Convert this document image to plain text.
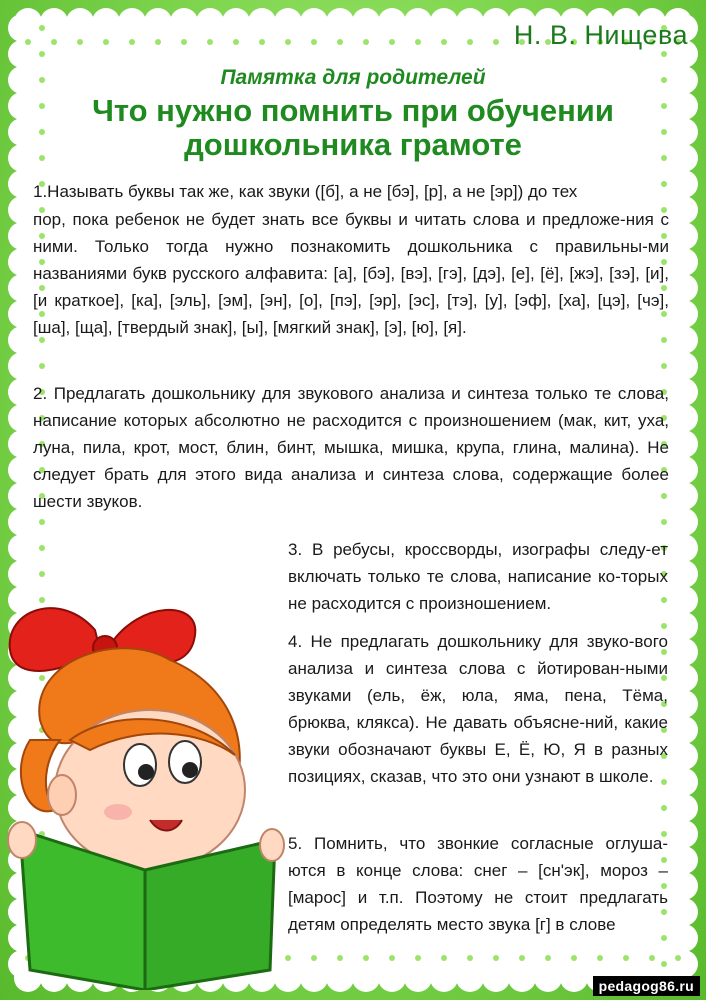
Н. В. Нищева
Памятка для родителей
Что нужно помнить при обучении дошкольника грамоте
1.Называть буквы так же, как звуки ([б], а не [бэ], [р], а не [эр]) до тех
пор, пока ребенок не будет знать все буквы и читать слова и предложе-ния с ними. Только тогда нужно познакомить дошкольника с правильны-ми названиями букв русского алфавита: [а], [бэ], [вэ], [гэ], [дэ], [е], [ё], [жэ], [зэ], [и], [и краткое], [ка], [эль], [эм], [эн], [о], [пэ], [эр], [эс], [тэ], [у], [эф], [ха], [цэ], [чэ], [ша], [ща], [твердый знак], [ы], [мягкий знак], [э], [ю], [я].
2. Предлагать дошкольнику для звукового анализа и синтеза только те слова, написание которых абсолютно не расходится с произношением (мак, кит, уха, луна, пила, крот, мост, блин, бинт, мышка, мишка, крупа, глина, малина). Не следует брать для этого вида анализа и синтеза слова, содержащие более шести звуков.
3. В ребусы, кроссворды, изографы следу-ет включать только те слова, написание ко-торых не расходится с произношением.
4. Не предлагать дошкольнику для звуко-вого анализа и синтеза слова с йотирован-ными звуками (ель, ёж, юла, яма, пена, Тёма, брюква, клякса). Не давать объясне-ний, какие звуки обозначают буквы Е, Ё, Ю, Я в разных позициях, сказав, что это они узнают в школе.
5. Помнить, что звонкие согласные оглуша-ются в конце слова: снег – [сн'эк], мороз – [марос] и т.п. Поэтому не стоит предлагать детям определять место звука [г] в слове
pedagog86.ru
